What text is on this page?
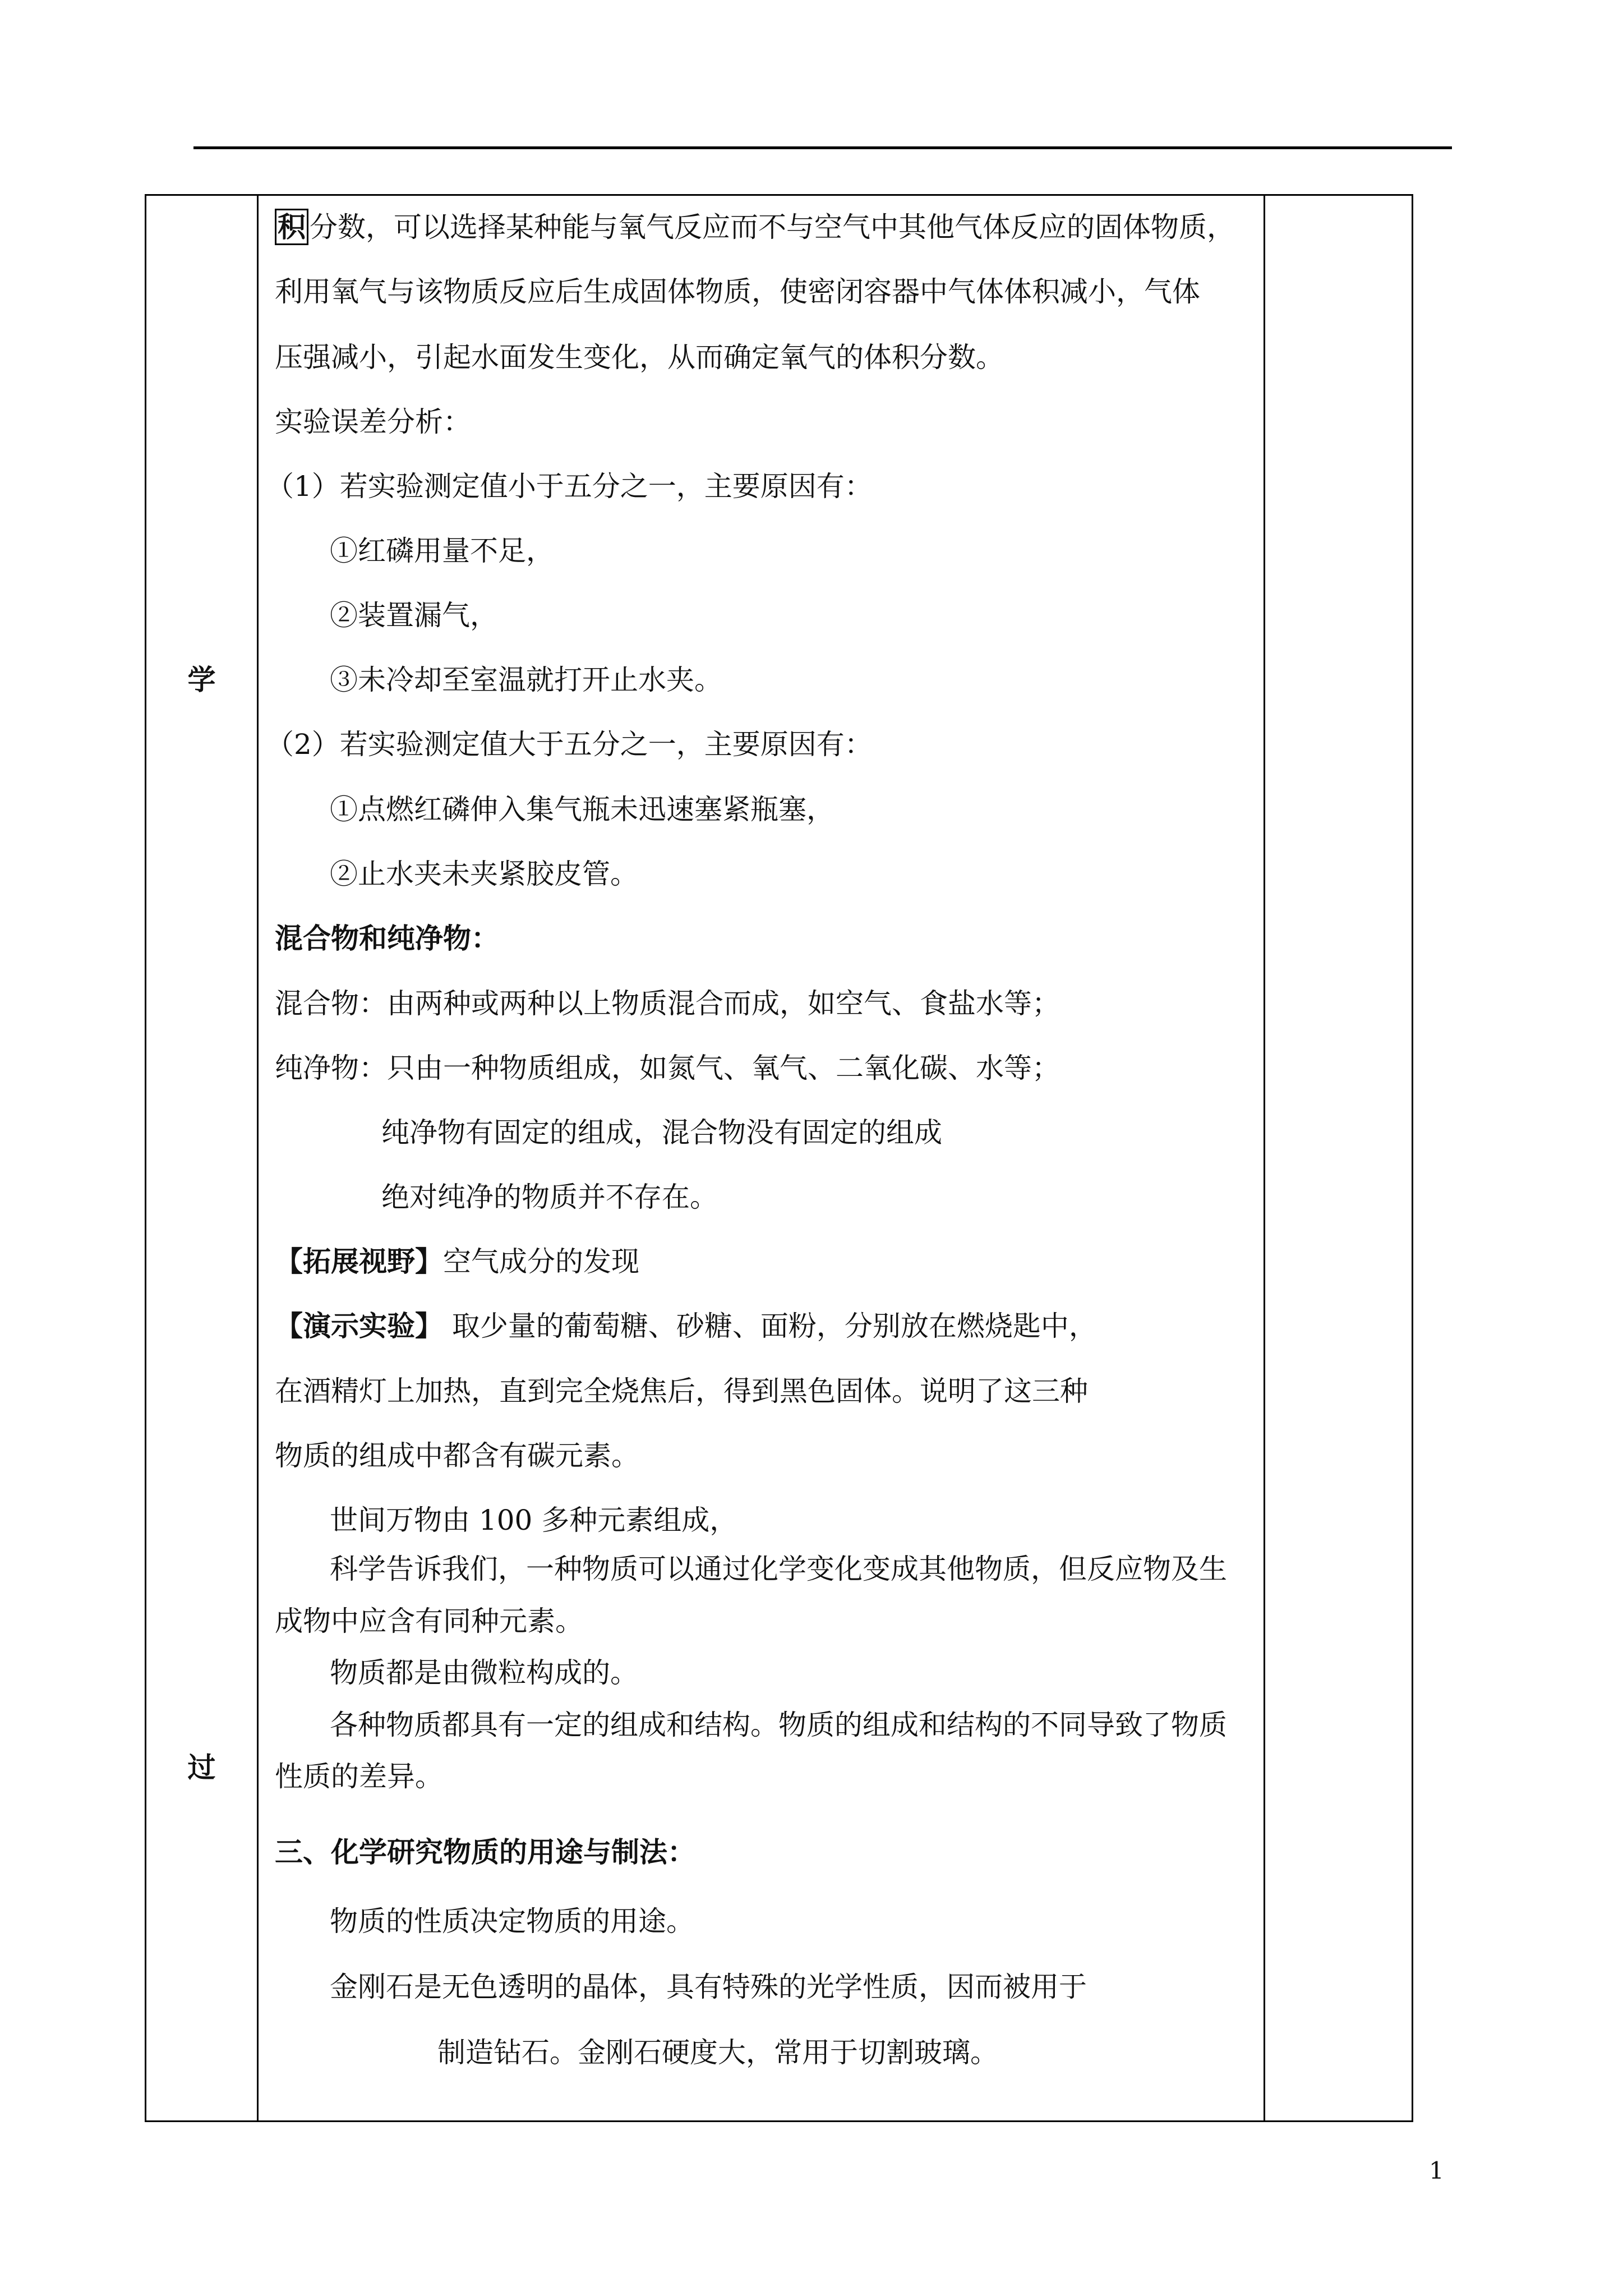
学
过
积 分数，可以选择某种能与氧气反应而不与空气中其他气体反应的固体物质，
利用氧气与该物质反应后生成固体物质，使密闭容器中气体体积减小，气体
压强减小，引起水面发生变化，从而确定氧气的体积分数。
实验误差分析：
（1）若实验测定值小于五分之一，主要原因有：
①红磷用量不足，
②装置漏气，
③未冷却至室温就打开止水夹。
（2）若实验测定值大于五分之一，主要原因有：
①点燃红磷伸入集气瓶未迅速塞紧瓶塞，
②止水夹未夹紧胶皮管。
混合物和纯净物：
混合物：由两种或两种以上物质混合而成，如空气、食盐水等；
纯净物：只由一种物质组成，如氮气、氧气、二氧化碳、水等；
纯净物有固定的组成，混合物没有固定的组成
绝对纯净的物质并不存在。
【拓展视野】空气成分的发现
【演示实验】 取少量的葡萄糖、砂糖、面粉，分别放在燃烧匙中，
在酒精灯上加热，直到完全烧焦后，得到黑色固体。说明了这三种
物质的组成中都含有碳元素。
世间万物由 100 多种元素组成，
科学告诉我们，一种物质可以通过化学变化变成其他物质，但反应物及生
成物中应含有同种元素。
物质都是由微粒构成的。
各种物质都具有一定的组成和结构。物质的组成和结构的不同导致了物质
性质的差异。
三、化学研究物质的用途与制法：
物质的性质决定物质的用途。
金刚石是无色透明的晶体，具有特殊的光学性质，因而被用于
制造钻石。金刚石硬度大，常用于切割玻璃。
1
